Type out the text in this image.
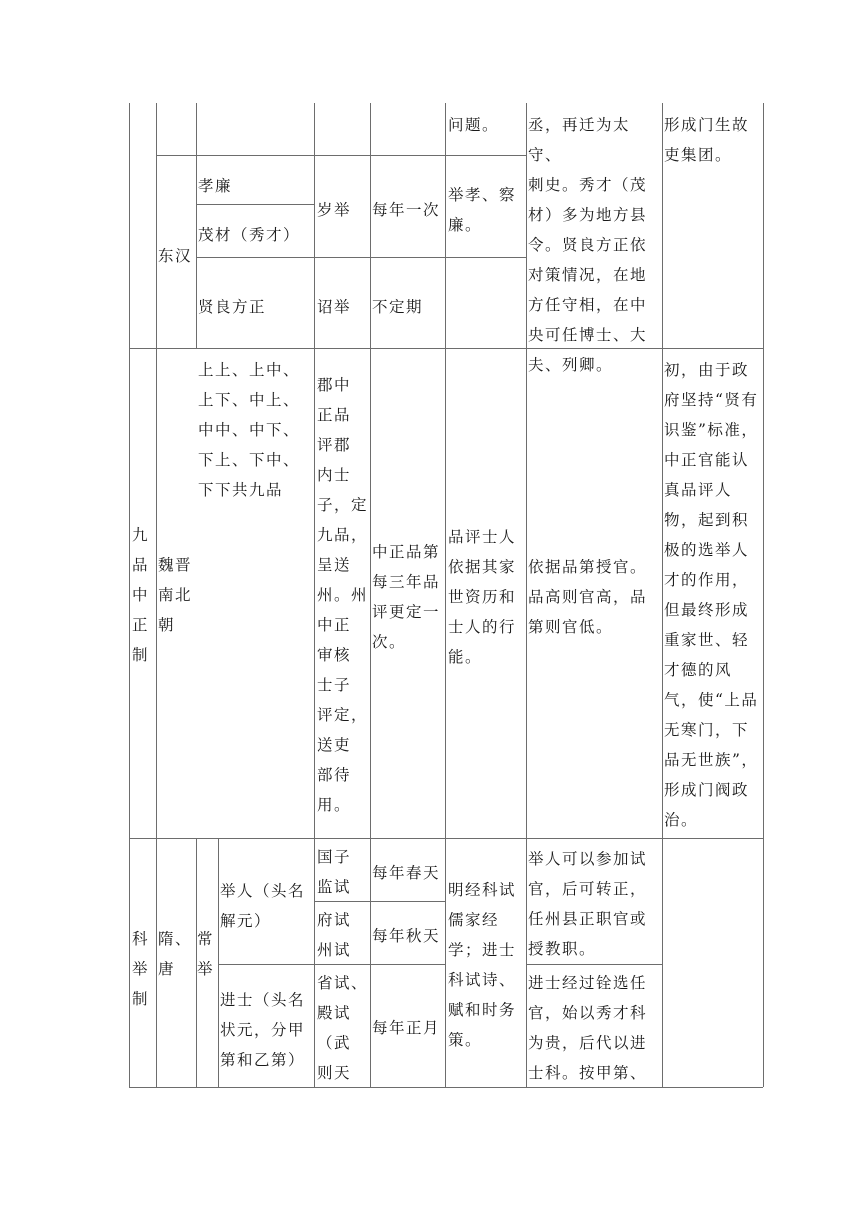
问题。	丞，再迁为太守、
刺史。秀才（茂
材）多为地方县
令。贤良方正依
对策情况，在地
方任守相，在中
央可任博士、大
夫、列卿。
形成门生故
吏集团。
东汉
孝廉
茂材（秀才）
贤良方正
岁举
诏举
每年一次
不定期
举孝、察
廉。
九
品
中
正
制
魏晋
南北
朝
上上、上中、
上下、中上、
中中、中下、
下上、下中、
下下共九品
郡中
正品
评郡
内士
子，定
九品，
呈送
州。州
中正
审核
士子
评定，
送吏
部待
用。
中正品第
每三年品
评更定一
次。
品评士人
依据其家
世资历和
士人的行
能。
依据品第授官。
品高则官高，品
第则官低。
初，由于政
府坚持“贤有
识鉴”标准，
中正官能认
真品评人
物，起到积
极的选举人
才的作用，
但最终形成
重家世、轻
才德的风
气，使“上品
无寒门，下
品无世族”，
形成门阀政
治。
科
举
制
隋、
唐
常
举
举人（头名
解元）
进士（头名
状元，分甲
第和乙第）
国子
监试
府试
州试
省试、
殿试
（武
则天
每年春天
每年秋天
每年正月
明经科试
儒家经
学；进士
科试诗、
赋和时务
策。
举人可以参加试
官，后可转正，
任州县正职官或
授教职。
进士经过铨选任
官，始以秀才科
为贵，后代以进
士科。按甲第、
